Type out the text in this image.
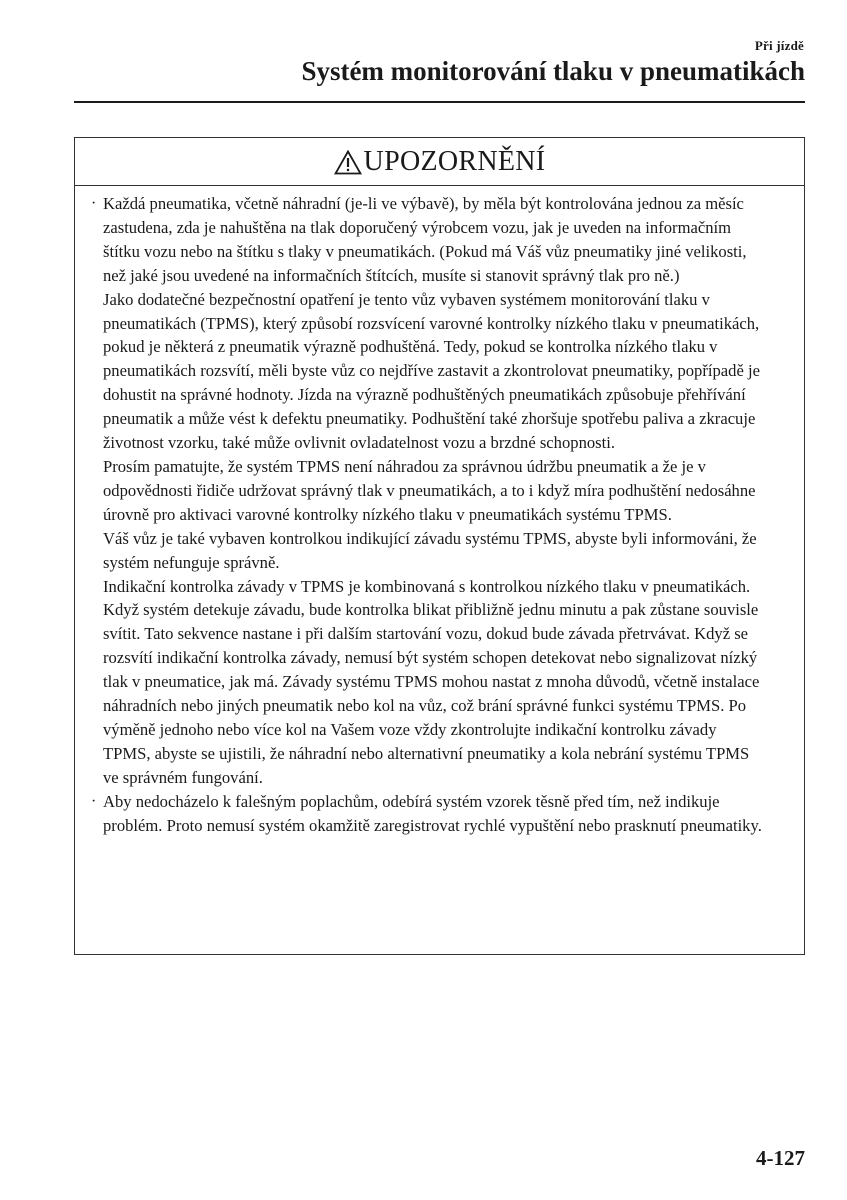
Při jízdě
Systém monitorování tlaku v pneumatikách
UPOZORNĚNÍ
· Každá pneumatika, včetně náhradní (je-li ve výbavě), by měla být kontrolována jednou za měsíc zastudena, zda je nahuštěna na tlak doporučený výrobcem vozu, jak je uveden na informačním štítku vozu nebo na štítku s tlaky v pneumatikách. (Pokud má Váš vůz pneumatiky jiné velikosti, než jaké jsou uvedené na informačních štítcích, musíte si stanovit správný tlak pro ně.)

Jako dodatečné bezpečnostní opatření je tento vůz vybaven systémem monitorování tlaku v pneumatikách (TPMS), který způsobí rozsvícení varovné kontrolky nízkého tlaku v pneumatikách, pokud je některá z pneumatik výrazně podhuštěná. Tedy, pokud se kontrolka nízkého tlaku v pneumatikách rozsvítí, měli byste vůz co nejdříve zastavit a zkontrolovat pneumatiky, popřípadě je dohustit na správné hodnoty. Jízda na výrazně podhuštěných pneumatikách způsobuje přehřívání pneumatik a může vést k defektu pneumatiky. Podhuštění také zhoršuje spotřebu paliva a zkracuje životnost vzorku, také může ovlivnit ovladatelnost vozu a brzdné schopnosti.

Prosím pamatujte, že systém TPMS není náhradou za správnou údržbu pneumatik a že je v odpovědnosti řidiče udržovat správný tlak v pneumatikách, a to i když míra podhuštění nedosáhne úrovně pro aktivaci varovné kontrolky nízkého tlaku v pneumatikách systému TPMS.

Váš vůz je také vybaven kontrolkou indikující závadu systému TPMS, abyste byli informováni, že systém nefunguje správně.

Indikační kontrolka závady v TPMS je kombinovaná s kontrolkou nízkého tlaku v pneumatikách. Když systém detekuje závadu, bude kontrolka blikat přibližně jednu minutu a pak zůstane souvisle svítit. Tato sekvence nastane i při dalším startování vozu, dokud bude závada přetrvávat. Když se rozsvítí indikační kontrolka závady, nemusí být systém schopen detekovat nebo signalizovat nízký tlak v pneumatice, jak má. Závady systému TPMS mohou nastat z mnoha důvodů, včetně instalace náhradních nebo jiných pneumatik nebo kol na vůz, což brání správné funkci systému TPMS. Po výměně jednoho nebo více kol na Vašem voze vždy zkontrolujte indikační kontrolku závady TPMS, abyste se ujistili, že náhradní nebo alternativní pneumatiky a kola nebrání systému TPMS ve správném fungování.

· Aby nedocházelo k falešným poplachům, odebírá systém vzorek těsně před tím, než indikuje problém. Proto nemusí systém okamžitě zaregistrovat rychlé vypuštění nebo prasknutí pneumatiky.

4-127
